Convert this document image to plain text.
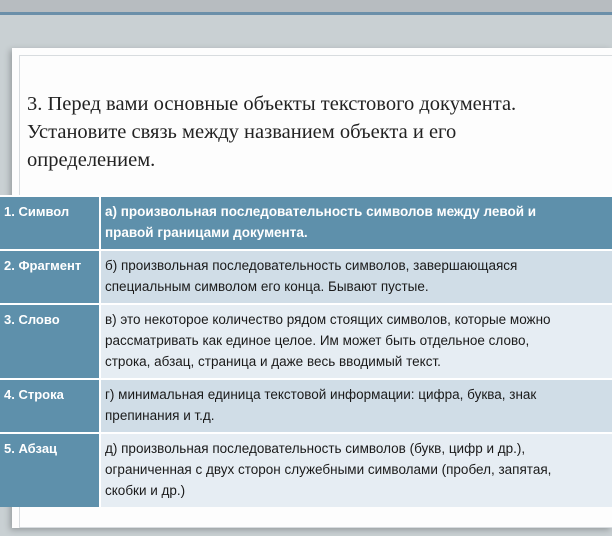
3. Перед вами основные объекты текстового документа.
Установите связь между названием объекта и его
определением.

1. Символ	а) произвольная последовательность символов между левой и
правой границами документа.

2. Фрагмент	б) произвольная последовательность символов, завершающаяся
специальным символом его конца. Бывают пустые.

3. Слово	в) это некоторое количество рядом стоящих символов, которые можно
рассматривать как единое целое. Им может быть отдельное слово,
строка, абзац, страница и даже весь вводимый текст.

4. Строка	г) минимальная единица текстовой информации: цифра, буква, знак
препинания и т.д.

5. Абзац	д) произвольная последовательность символов (букв, цифр и др.),
ограниченная с двух сторон служебными символами (пробел, запятая,
скобки и др.)
